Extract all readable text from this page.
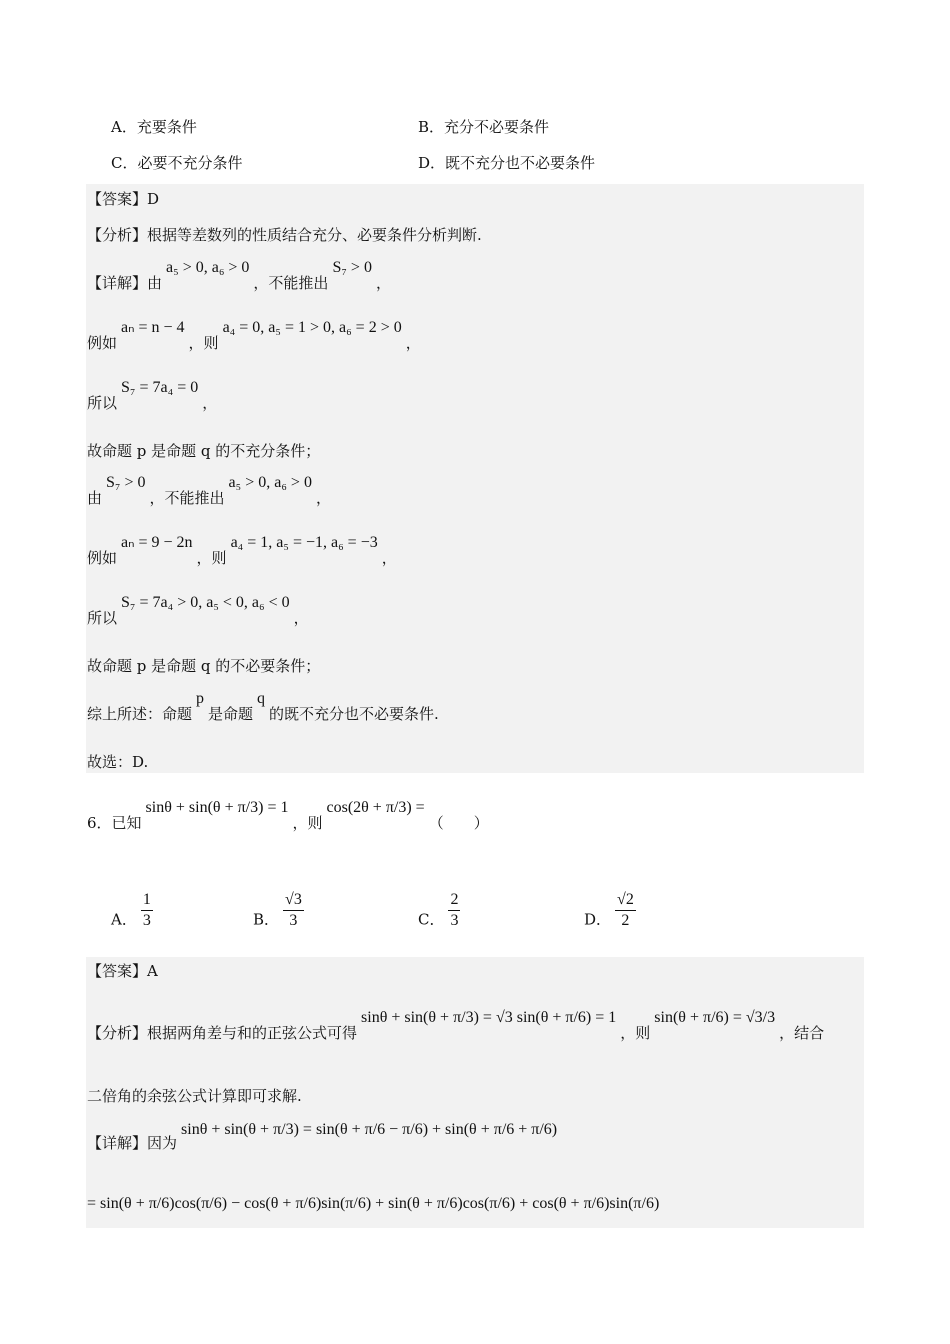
A．充要条件	B．充分不必要条件
C．必要不充分条件	D．既不充分也不必要条件
【答案】D
【分析】根据等差数列的性质结合充分、必要条件分析判断.
【详解】由a₅ > 0, a₆ > 0，不能推出S₇ > 0，
例如aₙ = n − 4，则a₄ = 0, a₅ = 1 > 0, a₆ = 2 > 0，
所以S₇ = 7a₄ = 0，
故命题 p 是命题 q 的不充分条件；
由S₇ > 0，不能推出a₅ > 0, a₆ > 0，
例如aₙ = 9 − 2n，则a₄ = 1, a₅ = −1, a₆ = −3，
所以S₇ = 7a₄ > 0, a₅ < 0, a₆ < 0，
故命题 p 是命题 q 的不必要条件；
综上所述：命题p是命题q的既不充分也不必要条件.
故选：D.
6．已知sinθ + sin(θ + π/3) = 1，则cos(2θ + π/3) =（　　）
A． $\frac{1}{3}$	B． $\frac{√3}{3}$	C． $\frac{2}{3}$	D． $\frac{√2}{2}$
【答案】A
【分析】根据两角差与和的正弦公式可得sinθ + sin(θ + π/3) = √3 sin(θ + π/6) = 1，则sin(θ + π/6) = √3/3，结合
二倍角的余弦公式计算即可求解.
【详解】因为sinθ + sin(θ + π/3) = sin(θ + π/6 − π/6) + sin(θ + π/6 + π/6)
= sin(θ + π/6)cos(π/6) − cos(θ + π/6)sin(π/6) + sin(θ + π/6)cos(π/6) + cos(θ + π/6)sin(π/6)
